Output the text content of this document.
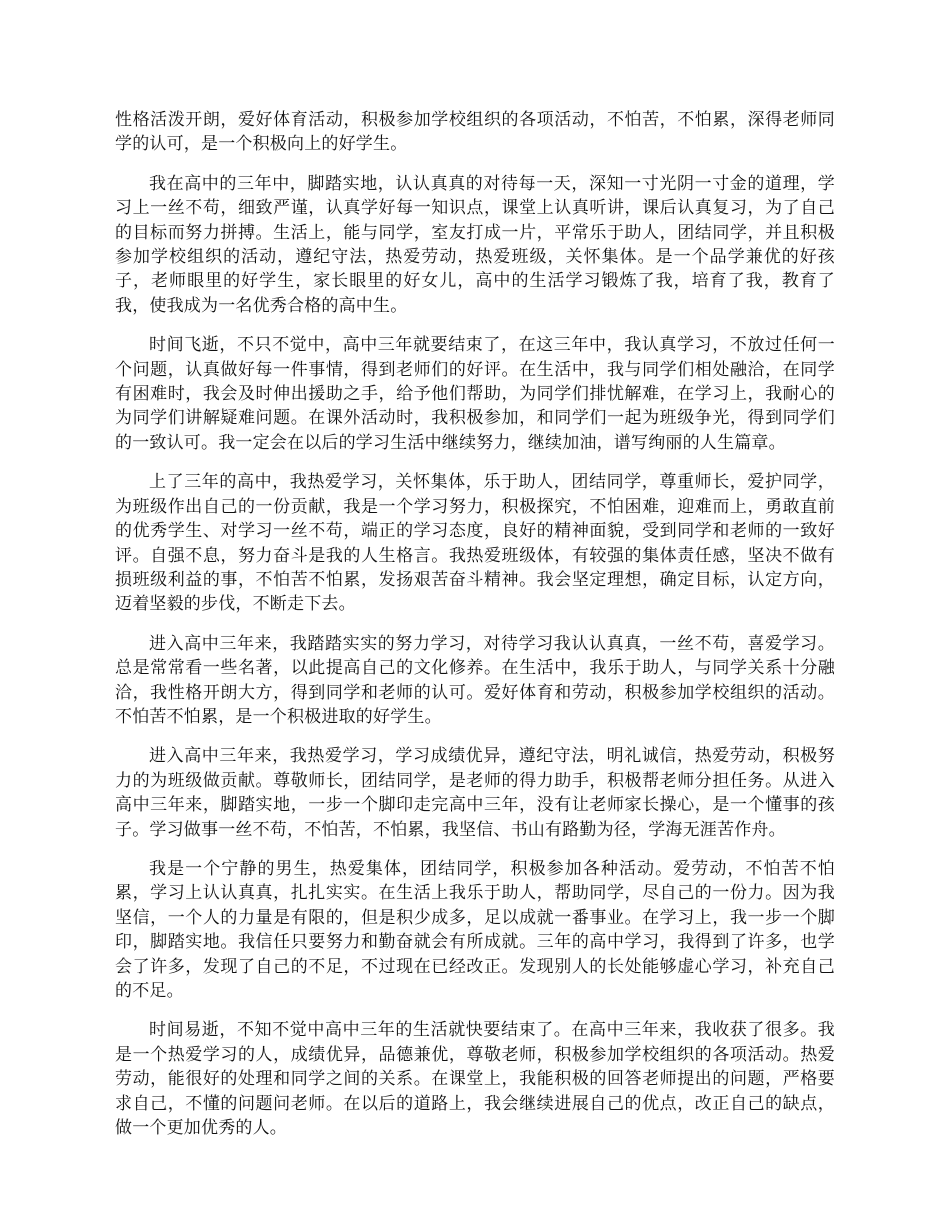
性格活泼开朗，爱好体育活动，积极参加学校组织的各项活动，不怕苦，不怕累，深得老师同学的认可，是一个积极向上的好学生。

我在高中的三年中，脚踏实地，认认真真的对待每一天，深知一寸光阴一寸金的道理，学习上一丝不苟，细致严谨，认真学好每一知识点，课堂上认真听讲，课后认真复习，为了自己的目标而努力拼搏。生活上，能与同学，室友打成一片，平常乐于助人，团结同学，并且积极参加学校组织的活动，遵纪守法，热爱劳动，热爱班级，关怀集体。是一个品学兼优的好孩子，老师眼里的好学生，家长眼里的好女儿，高中的生活学习锻炼了我，培育了我，教育了我，使我成为一名优秀合格的高中生。

时间飞逝，不只不觉中，高中三年就要结束了，在这三年中，我认真学习，不放过任何一个问题，认真做好每一件事情，得到老师们的好评。在生活中，我与同学们相处融洽，在同学有困难时，我会及时伸出援助之手，给予他们帮助，为同学们排忧解难，在学习上，我耐心的为同学们讲解疑难问题。在课外活动时，我积极参加，和同学们一起为班级争光，得到同学们的一致认可。我一定会在以后的学习生活中继续努力，继续加油，谱写绚丽的人生篇章。

上了三年的高中，我热爱学习，关怀集体，乐于助人，团结同学，尊重师长，爱护同学，为班级作出自己的一份贡献，我是一个学习努力，积极探究，不怕困难，迎难而上，勇敢直前的优秀学生、对学习一丝不苟，端正的学习态度，良好的精神面貌，受到同学和老师的一致好评。自强不息，努力奋斗是我的人生格言。我热爱班级体，有较强的集体责任感，坚决不做有损班级利益的事，不怕苦不怕累，发扬艰苦奋斗精神。我会坚定理想，确定目标，认定方向，迈着坚毅的步伐，不断走下去。

进入高中三年来，我踏踏实实的努力学习，对待学习我认认真真，一丝不苟，喜爱学习。总是常常看一些名著，以此提高自己的文化修养。在生活中，我乐于助人，与同学关系十分融洽，我性格开朗大方，得到同学和老师的认可。爱好体育和劳动，积极参加学校组织的活动。不怕苦不怕累，是一个积极进取的好学生。

进入高中三年来，我热爱学习，学习成绩优异，遵纪守法，明礼诚信，热爱劳动，积极努力的为班级做贡献。尊敬师长，团结同学，是老师的得力助手，积极帮老师分担任务。从进入高中三年来，脚踏实地，一步一个脚印走完高中三年，没有让老师家长操心，是一个懂事的孩子。学习做事一丝不苟，不怕苦，不怕累，我坚信、书山有路勤为径，学海无涯苦作舟。

我是一个宁静的男生，热爱集体，团结同学，积极参加各种活动。爱劳动，不怕苦不怕累，学习上认认真真，扎扎实实。在生活上我乐于助人，帮助同学，尽自己的一份力。因为我坚信，一个人的力量是有限的，但是积少成多，足以成就一番事业。在学习上，我一步一个脚印，脚踏实地。我信任只要努力和勤奋就会有所成就。三年的高中学习，我得到了许多，也学会了许多，发现了自己的不足，不过现在已经改正。发现别人的长处能够虚心学习，补充自己的不足。

时间易逝，不知不觉中高中三年的生活就快要结束了。在高中三年来，我收获了很多。我是一个热爱学习的人，成绩优异，品德兼优，尊敬老师，积极参加学校组织的各项活动。热爱劳动，能很好的处理和同学之间的关系。在课堂上，我能积极的回答老师提出的问题，严格要求自己，不懂的问题问老师。在以后的道路上，我会继续进展自己的优点，改正自己的缺点，做一个更加优秀的人。
